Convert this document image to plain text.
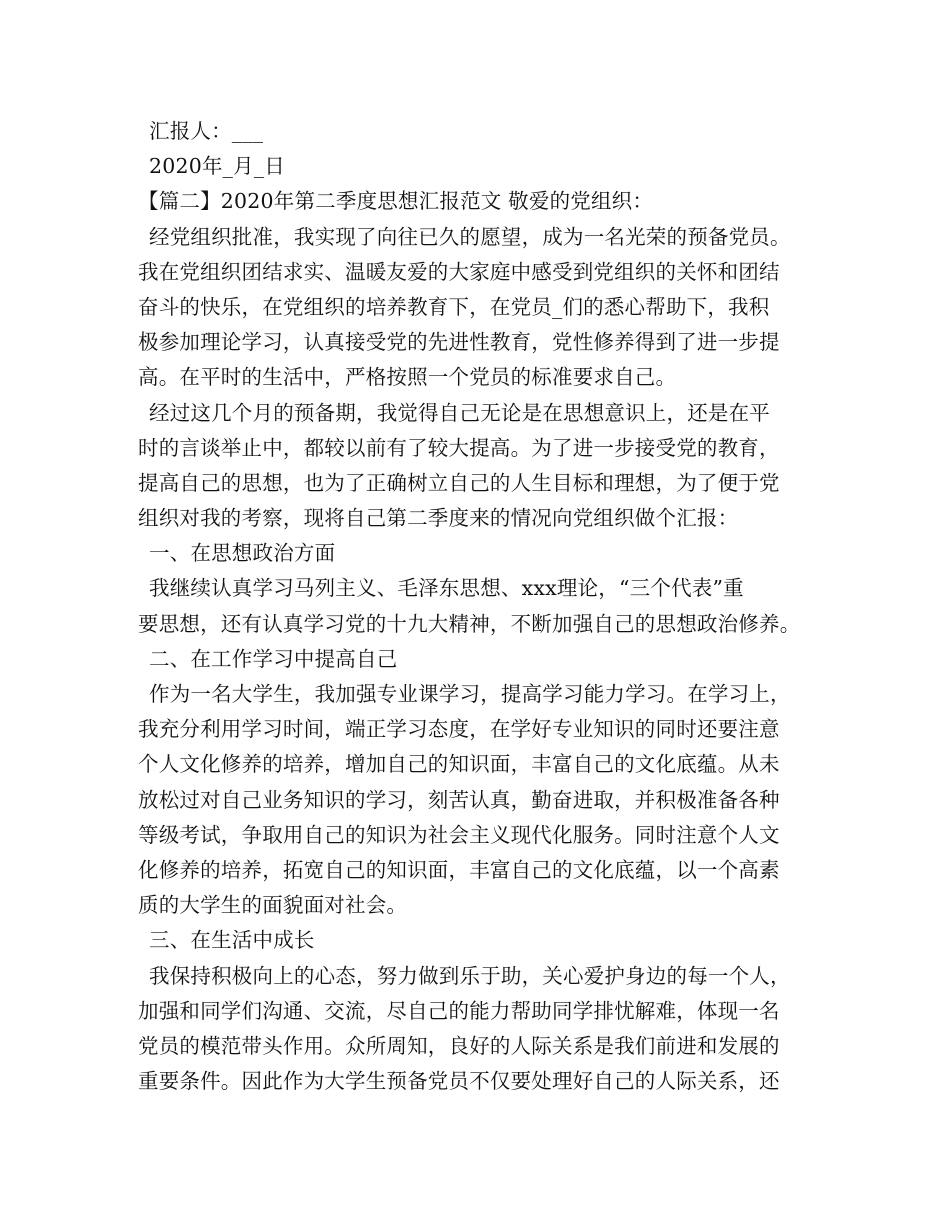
汇报人：___
2020年_月_日
【篇二】2020年第二季度思想汇报范文 敬爱的党组织：
经党组织批准，我实现了向往已久的愿望，成为一名光荣的预备党员。
我在党组织团结求实、温暖友爱的大家庭中感受到党组织的关怀和团结
奋斗的快乐，在党组织的培养教育下，在党员_们的悉心帮助下，我积
极参加理论学习，认真接受党的先进性教育，党性修养得到了进一步提
高。在平时的生活中，严格按照一个党员的标准要求自己。
经过这几个月的预备期，我觉得自己无论是在思想意识上，还是在平
时的言谈举止中，都较以前有了较大提高。为了进一步接受党的教育，
提高自己的思想，也为了正确树立自己的人生目标和理想，为了便于党
组织对我的考察，现将自己第二季度来的情况向党组织做个汇报：
一、在思想政治方面
我继续认真学习马列主义、毛泽东思想、xxx理论，“三个代表”重
要思想，还有认真学习党的十九大精神，不断加强自己的思想政治修养。
二、在工作学习中提高自己
作为一名大学生，我加强专业课学习，提高学习能力学习。在学习上，
我充分利用学习时间，端正学习态度，在学好专业知识的同时还要注意
个人文化修养的培养，增加自己的知识面，丰富自己的文化底蕴。从未
放松过对自己业务知识的学习，刻苦认真，勤奋进取，并积极准备各种
等级考试，争取用自己的知识为社会主义现代化服务。同时注意个人文
化修养的培养，拓宽自己的知识面，丰富自己的文化底蕴，以一个高素
质的大学生的面貌面对社会。
三、在生活中成长
我保持积极向上的心态，努力做到乐于助，关心爱护身边的每一个人，
加强和同学们沟通、交流，尽自己的能力帮助同学排忧解难，体现一名
党员的模范带头作用。众所周知，良好的人际关系是我们前进和发展的
重要条件。因此作为大学生预备党员不仅要处理好自己的人际关系，还
